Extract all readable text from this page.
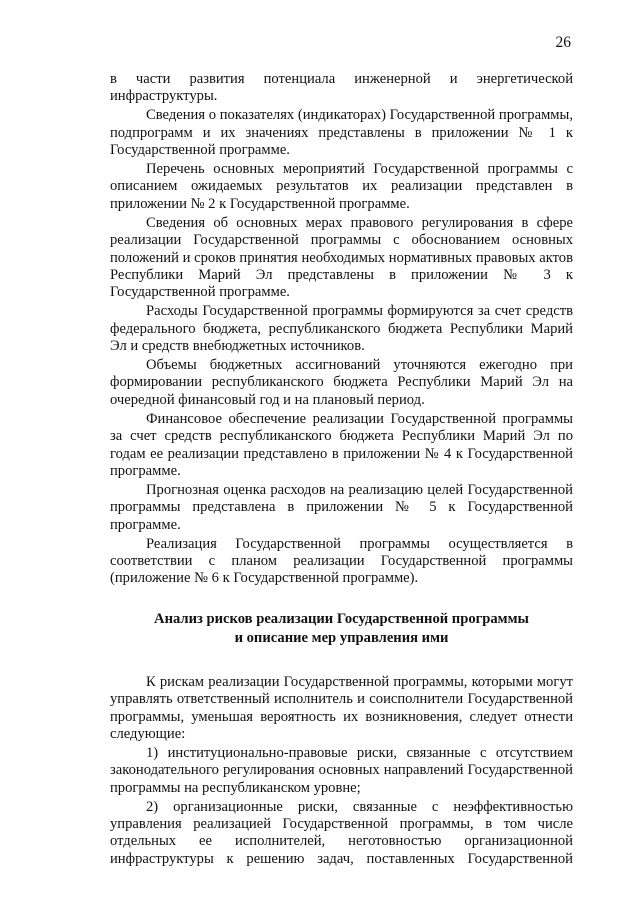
26

в части развития потенциала инженерной и энергетической инфраструктуры.

Сведения о показателях (индикаторах) Государственной программы, подпрограмм и их значениях представлены в приложении № 1 к Государственной программе.

Перечень основных мероприятий Государственной программы с описанием ожидаемых результатов их реализации представлен в приложении № 2 к Государственной программе.

Сведения об основных мерах правового регулирования в сфере реализации Государственной программы с обоснованием основных положений и сроков принятия необходимых нормативных правовых актов Республики Марий Эл представлены в приложении № 3 к Государственной программе.

Расходы Государственной программы формируются за счет средств федерального бюджета, республиканского бюджета Республики Марий Эл и средств внебюджетных источников.

Объемы бюджетных ассигнований уточняются ежегодно при формировании республиканского бюджета Республики Марий Эл на очередной финансовый год и на плановый период.

Финансовое обеспечение реализации Государственной программы за счет средств республиканского бюджета Республики Марий Эл по годам ее реализации представлено в приложении № 4 к Государственной программе.

Прогнозная оценка расходов на реализацию целей Государственной программы представлена в приложении № 5 к Государственной программе.

Реализация Государственной программы осуществляется в соответствии с планом реализации Государственной программы (приложение № 6 к Государственной программе).

Анализ рисков реализации Государственной программы
и описание мер управления ими

К рискам реализации Государственной программы, которыми могут управлять ответственный исполнитель и соисполнители Государственной программы, уменьшая вероятность их возникновения, следует отнести следующие:

1) институционально-правовые риски, связанные с отсутствием законодательного регулирования основных направлений Государственной программы на республиканском уровне;

2) организационные риски, связанные с неэффективностью управления реализацией Государственной программы, в том числе отдельных ее исполнителей, неготовностью организационной инфраструктуры к решению задач, поставленных Государственной
